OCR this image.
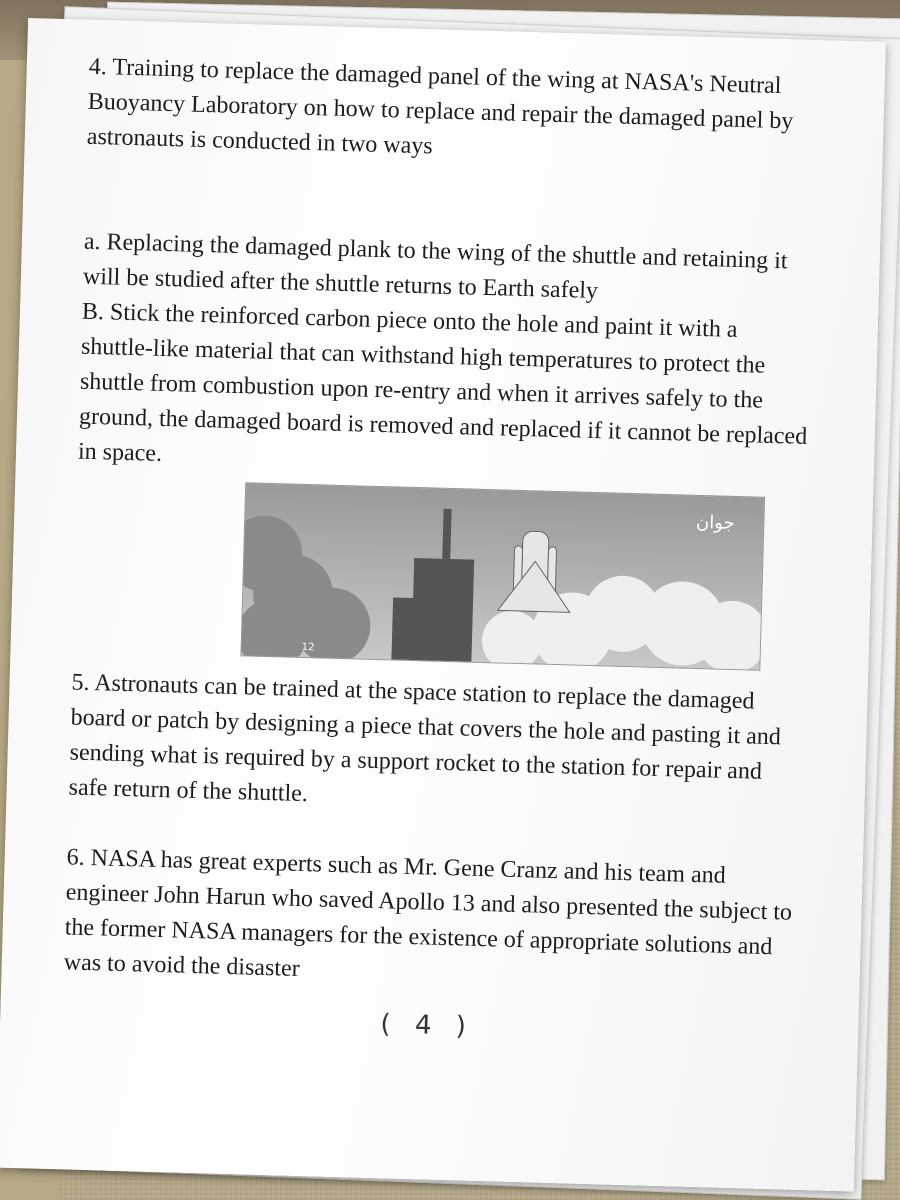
4. Training to replace the damaged panel of the wing at NASA's Neutral Buoyancy Laboratory on how to replace and repair the damaged panel by astronauts is conducted in two ways

a. Replacing the damaged plank to the wing of the shuttle and retaining it will be studied after the shuttle returns to Earth safely

B. Stick the reinforced carbon piece onto the hole and paint it with a shuttle-like material that can withstand high temperatures to protect the shuttle from combustion upon re-entry and when it arrives safely to the ground, the damaged board is removed and replaced if it cannot be replaced in space.

جوان
12

5. Astronauts can be trained at the space station to replace the damaged board or patch by designing a piece that covers the hole and pasting it and sending what is required by a support rocket to the station for repair and safe return of the shuttle.

6. NASA has great experts such as Mr. Gene Cranz and his team and engineer John Harun who saved Apollo 13 and also presented the subject to the former NASA managers for the existence of appropriate solutions and was to avoid the disaster

( 4 )
